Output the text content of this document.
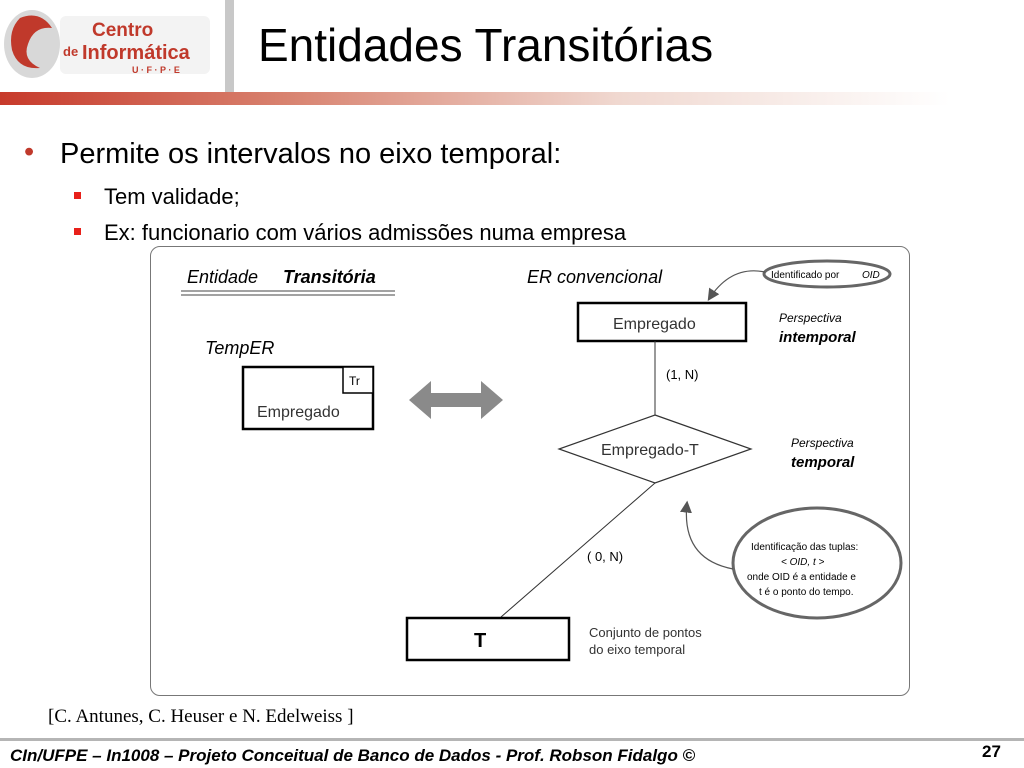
Centro
de Informática
U · F · P · E Entidades Transitórias
• Permite os intervalos no eixo temporal:
Tem validade;
Ex: funcionario com vários admissões numa empresa
Entidade Transitória	ER convencional
TempER
Tr
Empregado
Empregado
(1, N)
Empregado-T
( 0, N)
T	Conjunto de pontos
do eixo temporal
Identificado por OID
Perspectiva
intemporal
Perspectiva
temporal
Identificação das tuplas:
< OID, t >
onde OID é a entidade e
t é o ponto do tempo.
[C. Antunes, C. Heuser e N. Edelweiss ]
CIn/UFPE – In1008 – Projeto Conceitual de Banco de Dados - Prof. Robson Fidalgo ©	27
